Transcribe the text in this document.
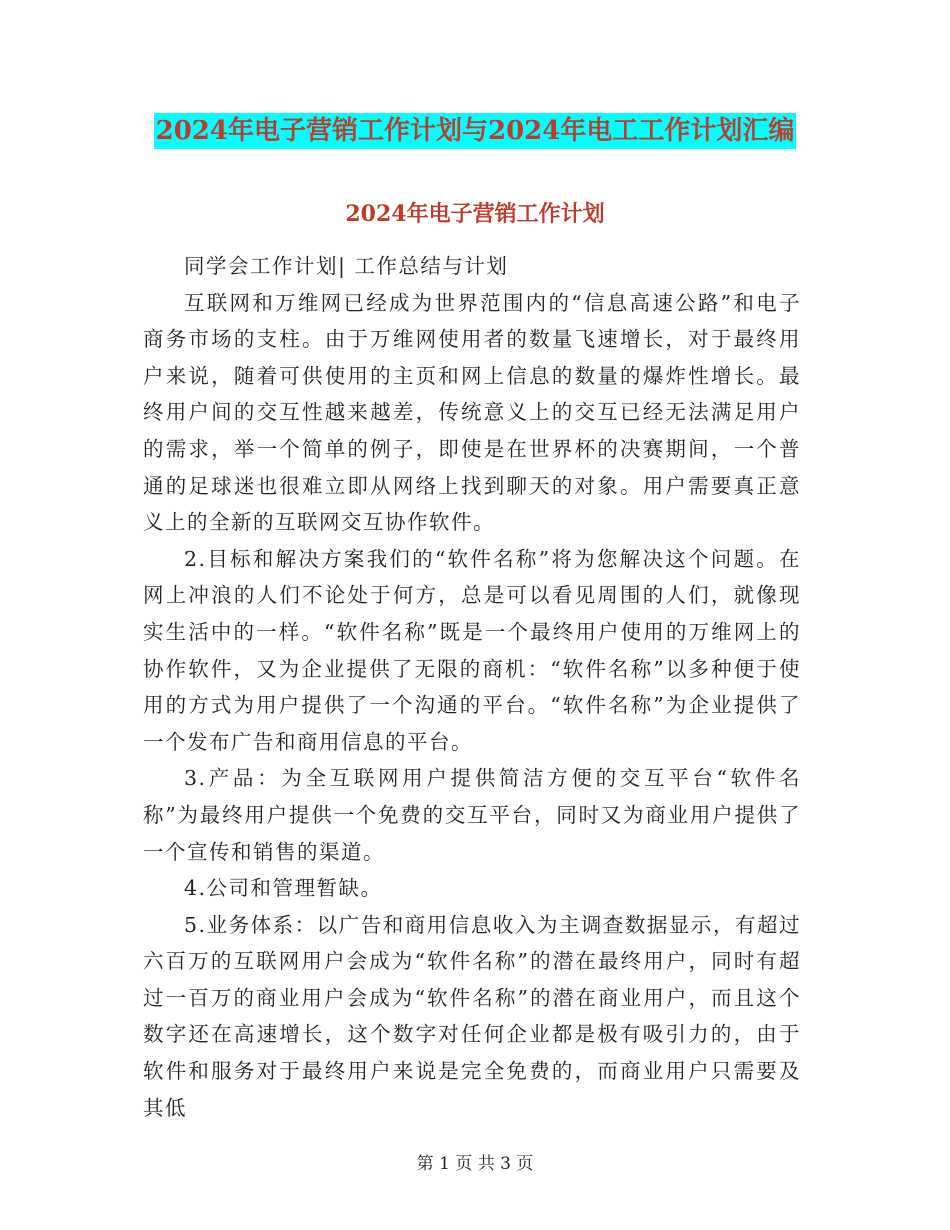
2024年电子营销工作计划与2024年电工工作计划汇编
2024年电子营销工作计划

同学会工作计划| 工作总结与计划

互联网和万维网已经成为世界范围内的“信息高速公路”和电子商务市场的支柱。由于万维网使用者的数量飞速增长，对于最终用户来说，随着可供使用的主页和网上信息的数量的爆炸性增长。最终用户间的交互性越来越差，传统意义上的交互已经无法满足用户的需求，举一个简单的例子，即使是在世界杯的决赛期间，一个普通的足球迷也很难立即从网络上找到聊天的对象。用户需要真正意义上的全新的互联网交互协作软件。

2.目标和解决方案我们的“软件名称”将为您解决这个问题。在网上冲浪的人们不论处于何方，总是可以看见周围的人们，就像现实生活中的一样。“软件名称”既是一个最终用户使用的万维网上的协作软件，又为企业提供了无限的商机：“软件名称”以多种便于使用的方式为用户提供了一个沟通的平台。“软件名称”为企业提供了一个发布广告和商用信息的平台。

3.产品：为全互联网用户提供简洁方便的交互平台“软件名称”为最终用户提供一个免费的交互平台，同时又为商业用户提供了一个宣传和销售的渠道。

4.公司和管理暂缺。

5.业务体系：以广告和商用信息收入为主调查数据显示，有超过六百万的互联网用户会成为“软件名称”的潜在最终用户，同时有超过一百万的商业用户会成为“软件名称”的潜在商业用户，而且这个数字还在高速增长，这个数字对任何企业都是极有吸引力的，由于软件和服务对于最终用户来说是完全免费的，而商业用户只需要及其低

第 1 页 共 3 页
